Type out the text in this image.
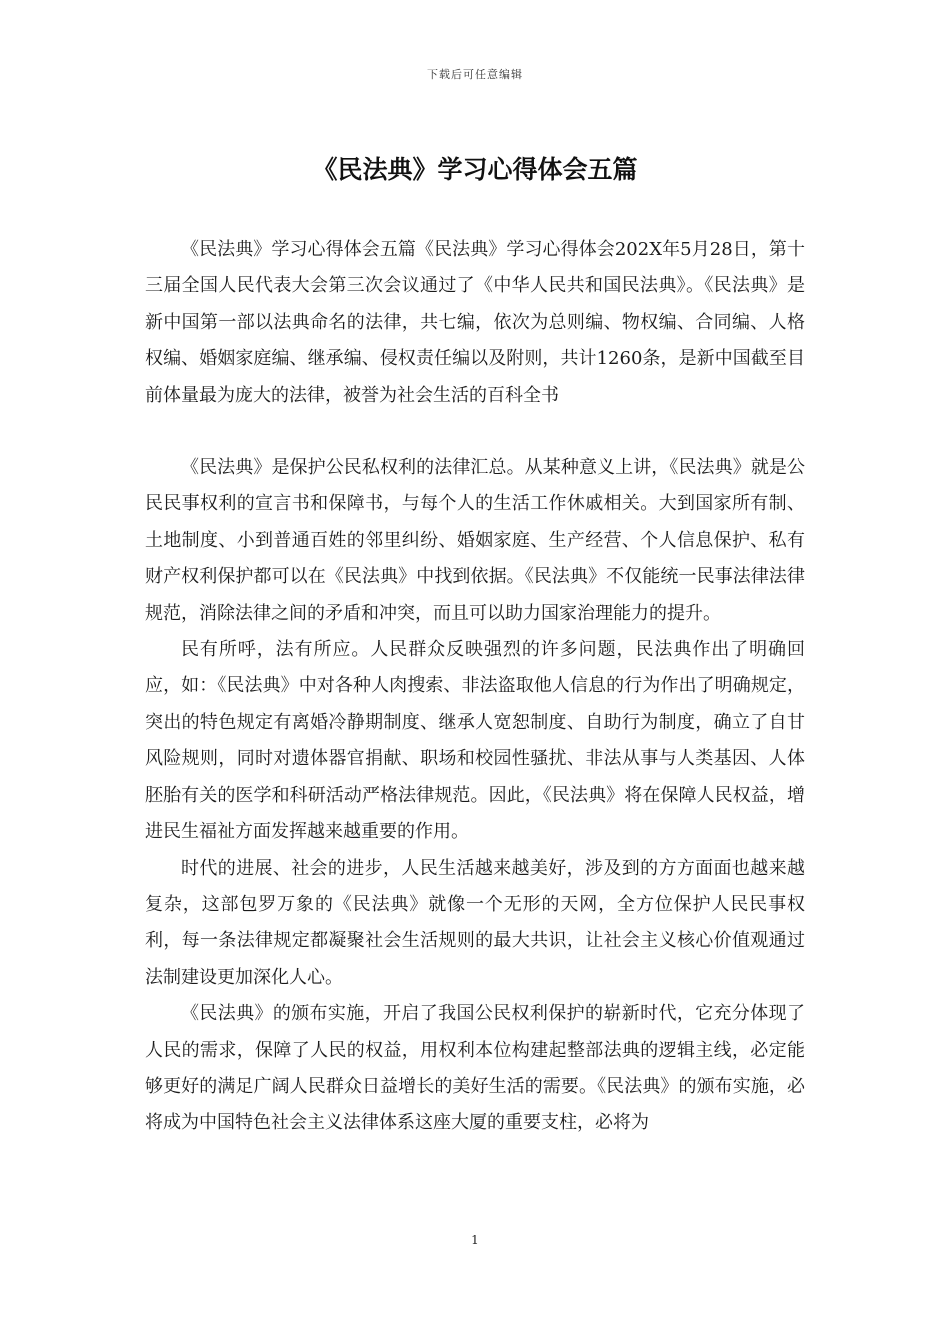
下载后可任意编辑
《民法典》学习心得体会五篇

《民法典》学习心得体会五篇《民法典》学习心得体会202X年5月28日，第十三届全国人民代表大会第三次会议通过了《中华人民共和国民法典》。《民法典》是新中国第一部以法典命名的法律，共七编，依次为总则编、物权编、合同编、人格权编、婚姻家庭编、继承编、侵权责任编以及附则，共计1260条，是新中国截至目前体量最为庞大的法律，被誉为社会生活的百科全书

《民法典》是保护公民私权利的法律汇总。从某种意义上讲，《民法典》就是公民民事权利的宣言书和保障书，与每个人的生活工作休戚相关。大到国家所有制、土地制度、小到普通百姓的邻里纠纷、婚姻家庭、生产经营、个人信息保护、私有财产权利保护都可以在《民法典》中找到依据。《民法典》不仅能统一民事法律法律规范，消除法律之间的矛盾和冲突，而且可以助力国家治理能力的提升。

民有所呼，法有所应。人民群众反映强烈的许多问题，民法典作出了明确回应，如：《民法典》中对各种人肉搜索、非法盗取他人信息的行为作出了明确规定，突出的特色规定有离婚冷静期制度、继承人宽恕制度、自助行为制度，确立了自甘风险规则，同时对遗体器官捐献、职场和校园性骚扰、非法从事与人类基因、人体胚胎有关的医学和科研活动严格法律规范。因此，《民法典》将在保障人民权益，增进民生福祉方面发挥越来越重要的作用。

时代的进展、社会的进步，人民生活越来越美好，涉及到的方方面面也越来越复杂，这部包罗万象的《民法典》就像一个无形的天网，全方位保护人民民事权利，每一条法律规定都凝聚社会生活规则的最大共识，让社会主义核心价值观通过法制建设更加深化人心。

《民法典》的颁布实施，开启了我国公民权利保护的崭新时代，它充分体现了人民的需求，保障了人民的权益，用权利本位构建起整部法典的逻辑主线，必定能够更好的满足广阔人民群众日益增长的美好生活的需要。《民法典》的颁布实施，必将成为中国特色社会主义法律体系这座大厦的重要支柱，必将为

1
